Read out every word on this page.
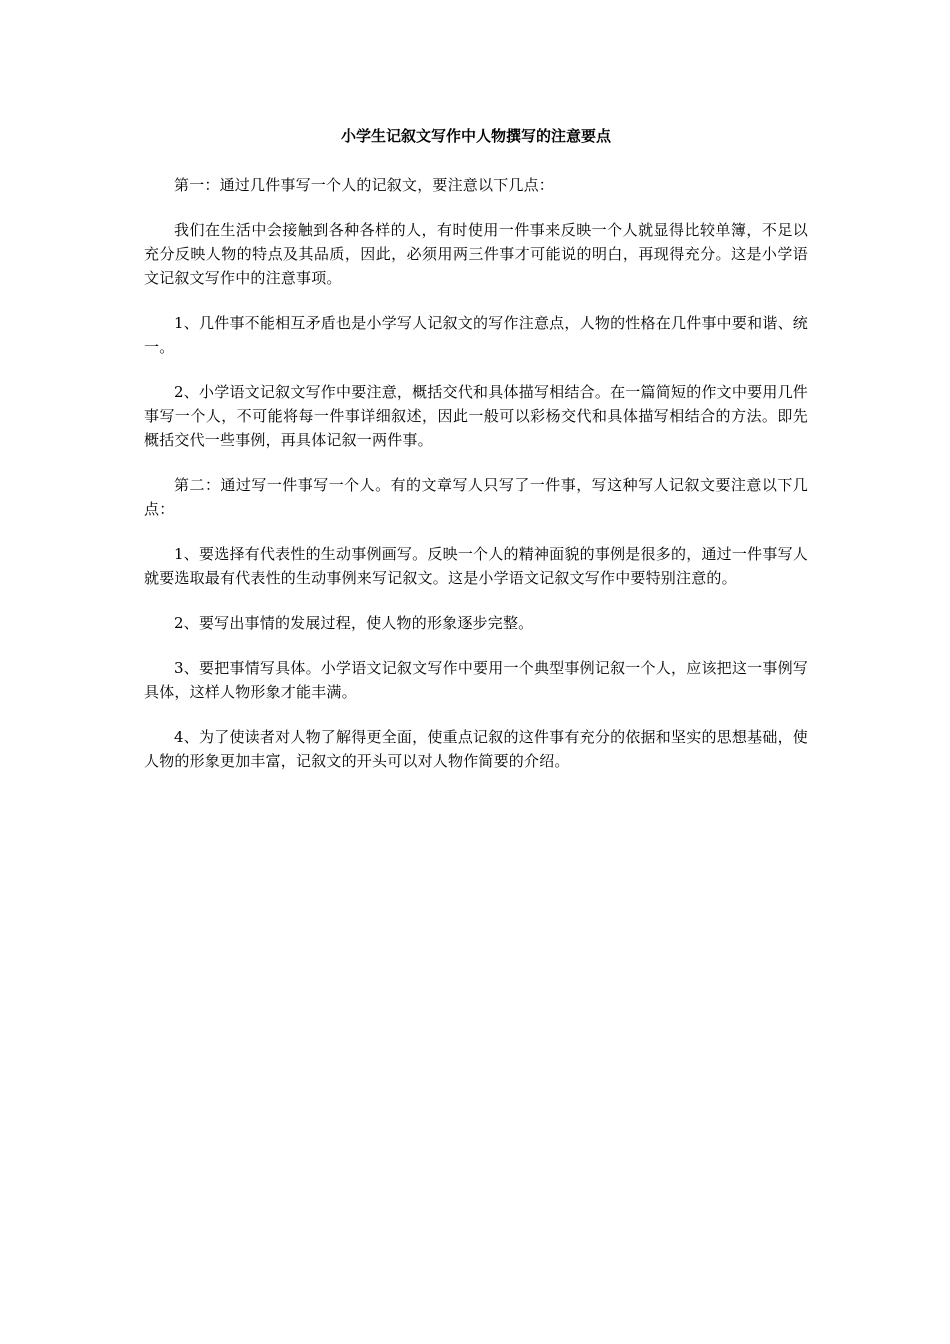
小学生记叙文写作中人物撰写的注意要点

第一：通过几件事写一个人的记叙文，要注意以下几点：

我们在生活中会接触到各种各样的人，有时使用一件事来反映一个人就显得比较单簿，不足以充分反映人物的特点及其品质，因此，必须用两三件事才可能说的明白，再现得充分。这是小学语文记叙文写作中的注意事项。

1、几件事不能相互矛盾也是小学写人记叙文的写作注意点，人物的性格在几件事中要和谐、统一。

2、小学语文记叙文写作中要注意，概括交代和具体描写相结合。在一篇简短的作文中要用几件事写一个人，不可能将每一件事详细叙述，因此一般可以彩杨交代和具体描写相结合的方法。即先概括交代一些事例，再具体记叙一两件事。

第二：通过写一件事写一个人。有的文章写人只写了一件事，写这种写人记叙文要注意以下几点：

1、要选择有代表性的生动事例画写。反映一个人的精神面貌的事例是很多的，通过一件事写人就要选取最有代表性的生动事例来写记叙文。这是小学语文记叙文写作中要特别注意的。

2、要写出事情的发展过程，使人物的形象逐步完整。

3、要把事情写具体。小学语文记叙文写作中要用一个典型事例记叙一个人，应该把这一事例写具体，这样人物形象才能丰满。

4、为了使读者对人物了解得更全面，使重点记叙的这件事有充分的依据和坚实的思想基础，使人物的形象更加丰富，记叙文的开头可以对人物作简要的介绍。
